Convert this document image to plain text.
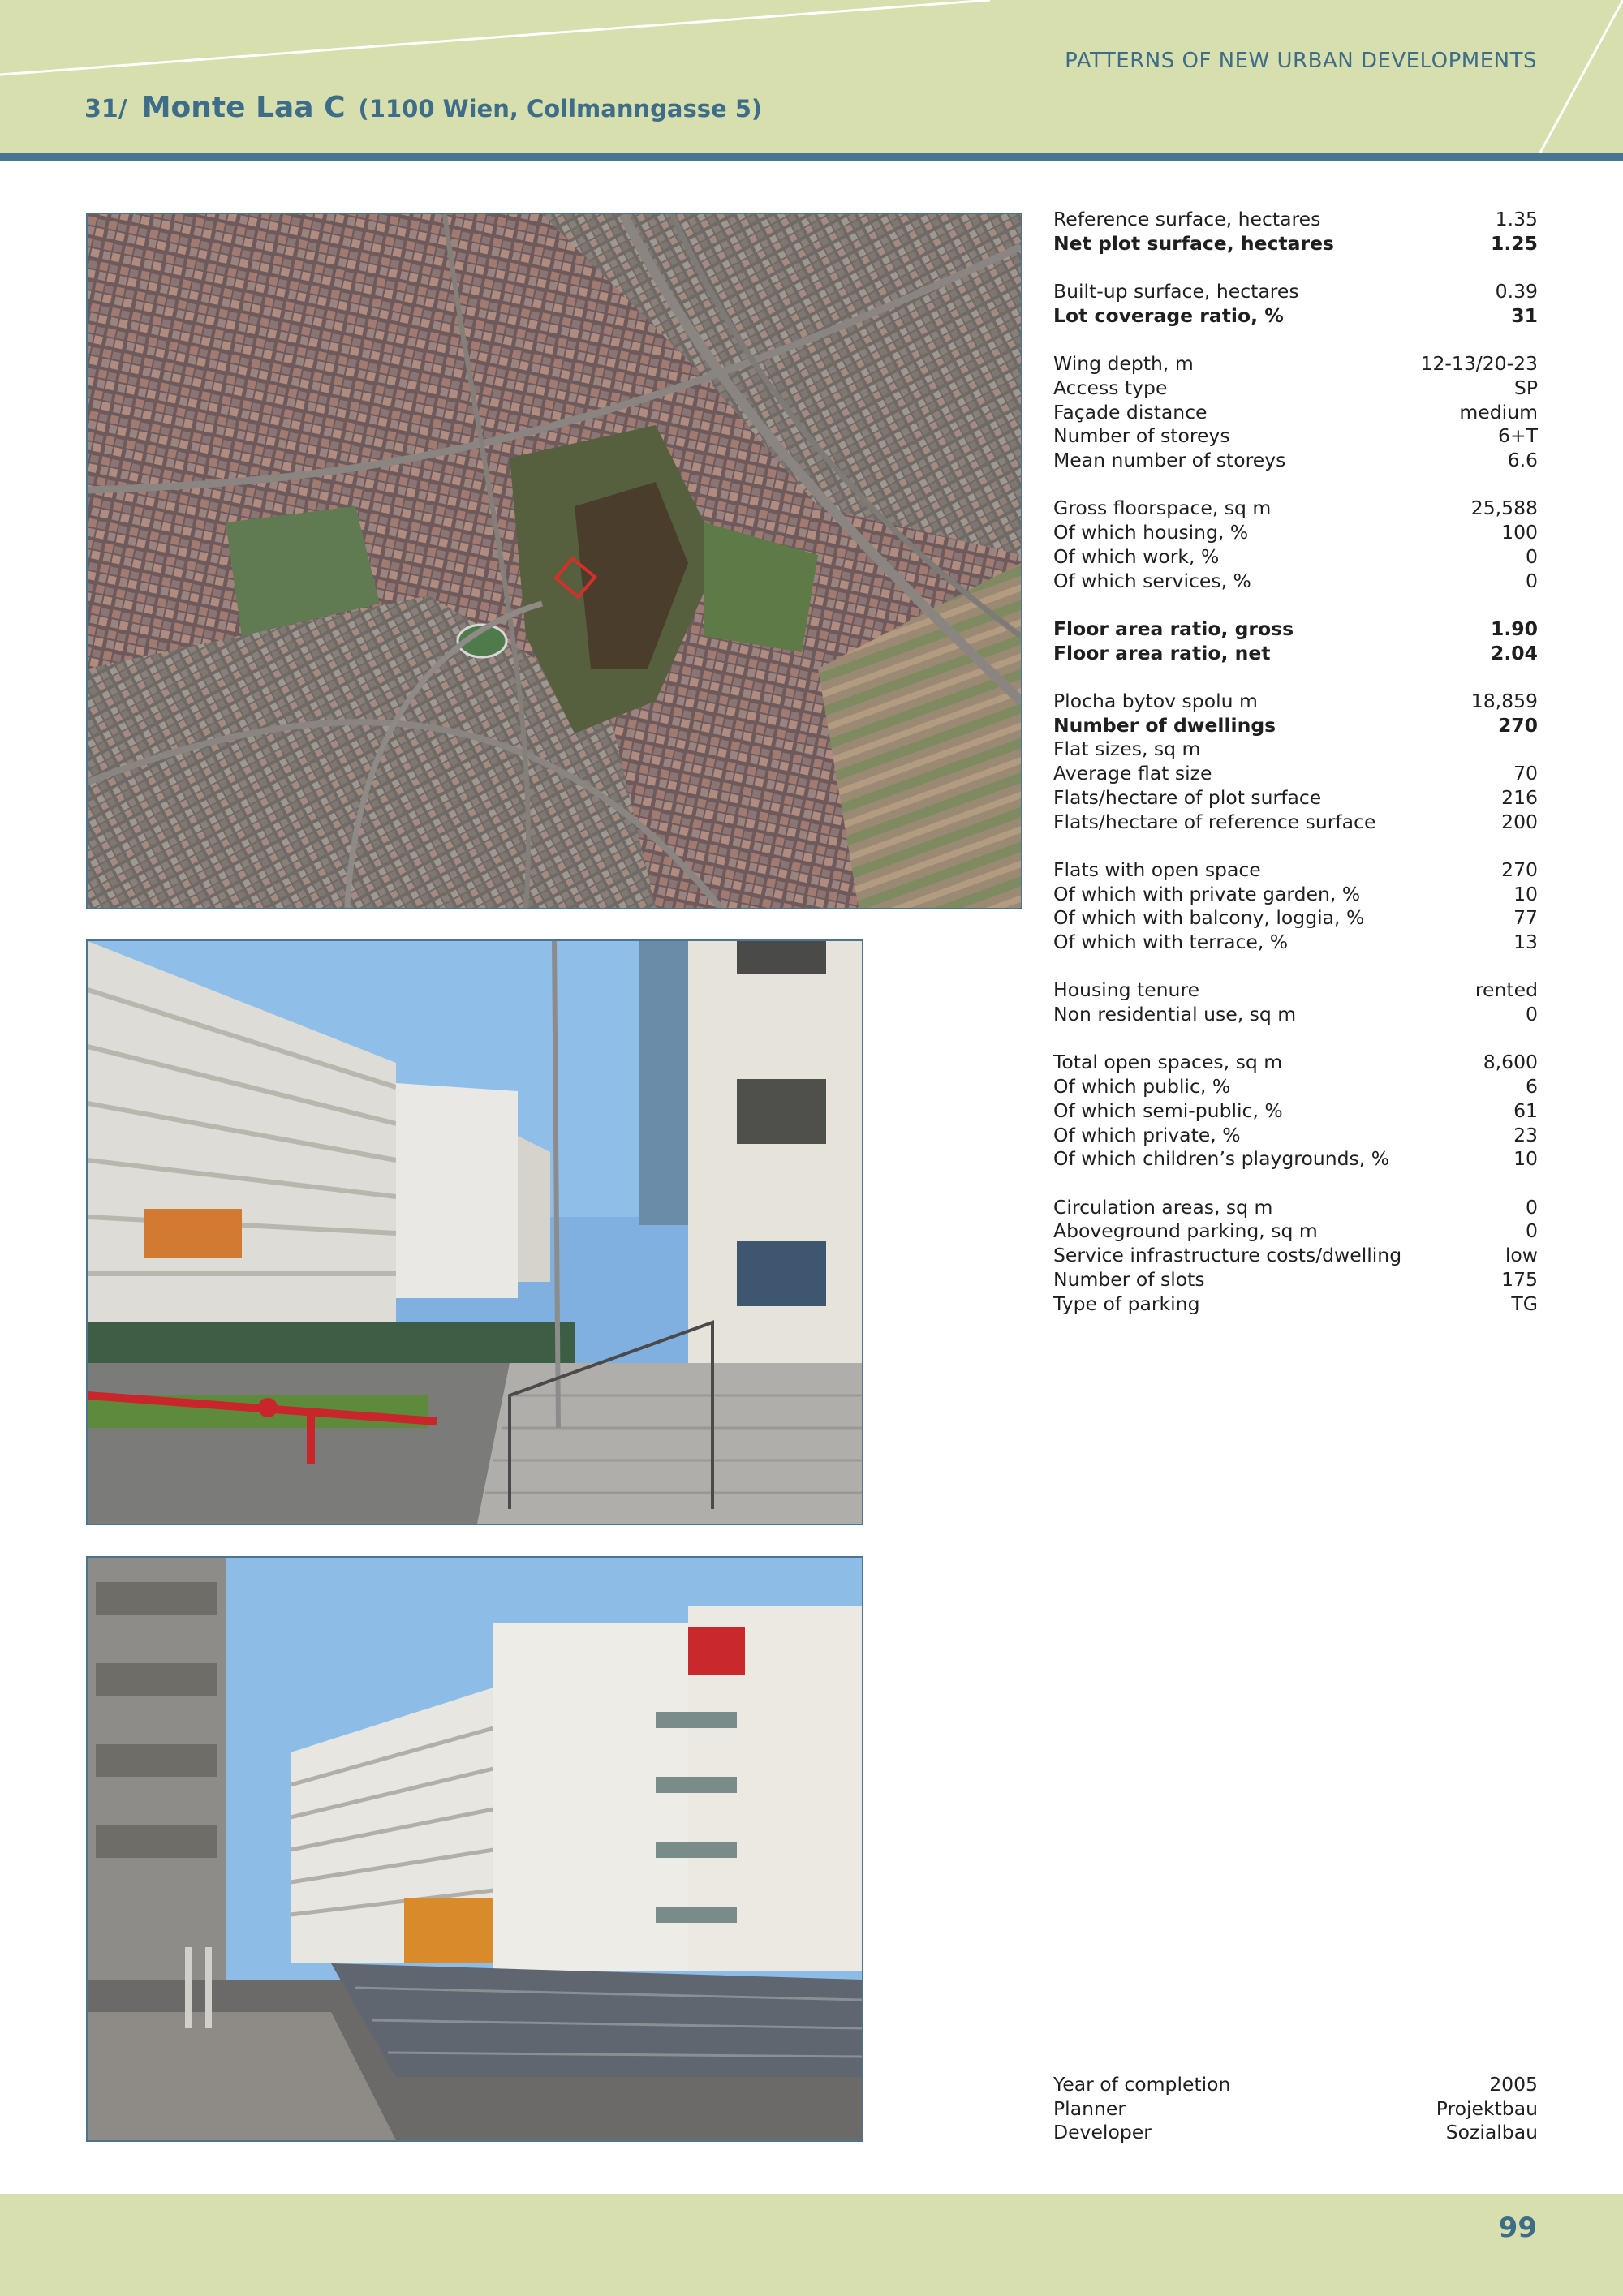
PATTERNS OF NEW URBAN DEVELOPMENTS
31/ Monte Laa C (1100 Wien, Collmanngasse 5)
Reference surface, hectares	1.35
Net plot surface, hectares	1.25
Built-up surface, hectares	0.39
Lot coverage ratio, %	31
Wing depth, m	12-13/20-23
Access type	SP
Façade distance	medium
Number of storeys	6+T
Mean number of storeys	6.6
Gross floorspace, sq m	25,588
Of which housing, %	100
Of which work, %	0
Of which services, %	0
Floor area ratio, gross	1.90
Floor area ratio, net	2.04
Plocha bytov spolu m	18,859
Number of dwellings	270
Flat sizes, sq m
Average flat size	70
Flats/hectare of plot surface	216
Flats/hectare of reference surface	200
Flats with open space	270
Of which with private garden, %	10
Of which with balcony, loggia, %	77
Of which with terrace, %	13
Housing tenure	rented
Non residential use, sq m	0
Total open spaces, sq m	8,600
Of which public, %	6
Of which semi-public, %	61
Of which private, %	23
Of which children’s playgrounds, %	10
Circulation areas, sq m	0
Aboveground parking, sq m	0
Service infrastructure costs/dwelling	low
Number of slots	175
Type of parking	TG
Year of completion	2005
Planner	Projektbau
Developer	Sozialbau
99
